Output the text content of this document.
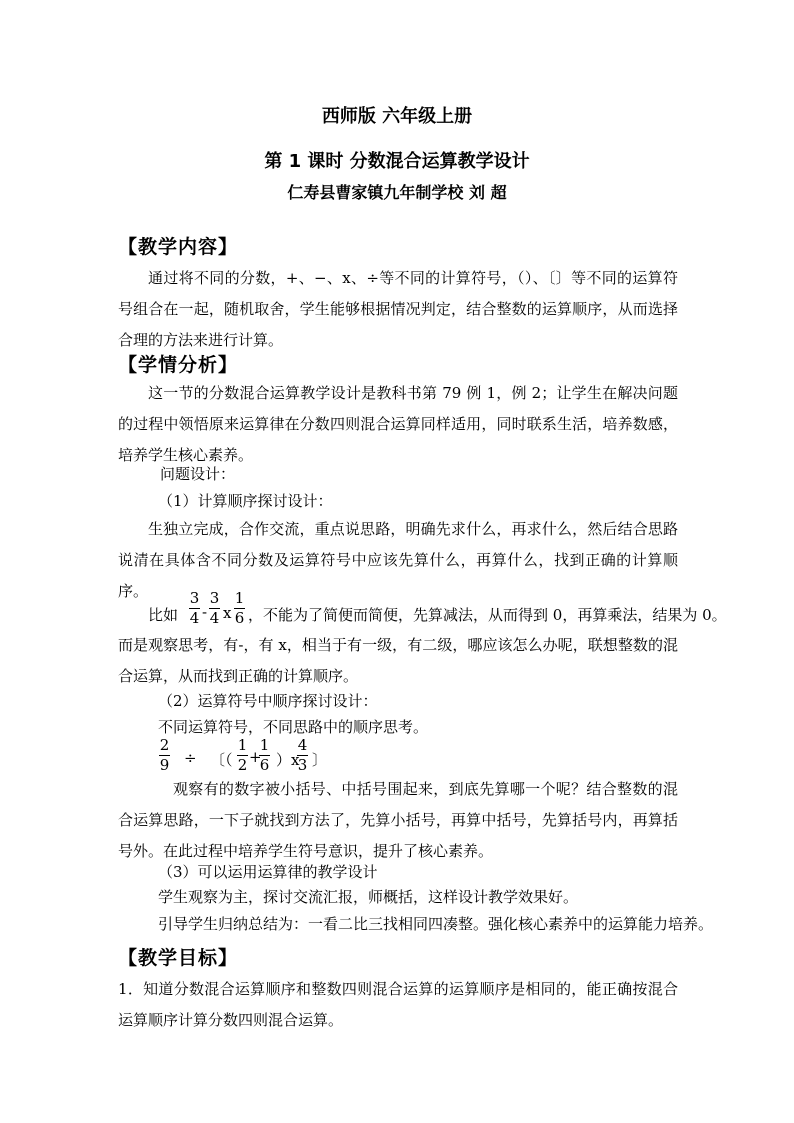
西师版 六年级上册
第 1 课时 分数混合运算教学设计
仁寿县曹家镇九年制学校 刘 超
【教学内容】
通过将不同的分数，+、−、x、÷等不同的计算符号，（）、〔〕等不同的运算符号组合在一起，随机取舍，学生能够根据情况判定，结合整数的运算顺序，从而选择合理的方法来进行计算。
【学情分析】
这一节的分数混合运算教学设计是教科书第 79 例 1，例 2；让学生在解决问题的过程中领悟原来运算律在分数四则混合运算同样适用，同时联系生活，培养数感，培养学生核心素养。
问题设计：
（1）计算顺序探讨设计：
生独立完成，合作交流，重点说思路，明确先求什么，再求什么，然后结合思路说清在具体含不同分数及运算符号中应该先算什么，再算什么，找到正确的计算顺序。
比如
3
4 -
3
4 x
1
6 ，不能为了简便而简便，先算减法，从而得到 0，再算乘法，结果为 0。
而是观察思考，有-，有 x，相当于有一级，有二级，哪应该怎么办呢，联想整数的混合运算，从而找到正确的计算顺序。
（2）运算符号中顺序探讨设计：
不同运算符号，不同思路中的顺序思考。
2
9 ÷ 〔（
1
2 +
1
6 ）x
4
3 〕
观察有的数字被小括号、中括号围起来，到底先算哪一个呢？结合整数的混合运算思路，一下子就找到方法了，先算小括号，再算中括号，先算括号内，再算括号外。在此过程中培养学生符号意识，提升了核心素养。
（3）可以运用运算律的教学设计
学生观察为主，探讨交流汇报，师概括，这样设计教学效果好。
引导学生归纳总结为：一看二比三找相同四凑整。强化核心素养中的运算能力培养。
【教学目标】
1．知道分数混合运算顺序和整数四则混合运算的运算顺序是相同的，能正确按混合运算顺序计算分数四则混合运算。
